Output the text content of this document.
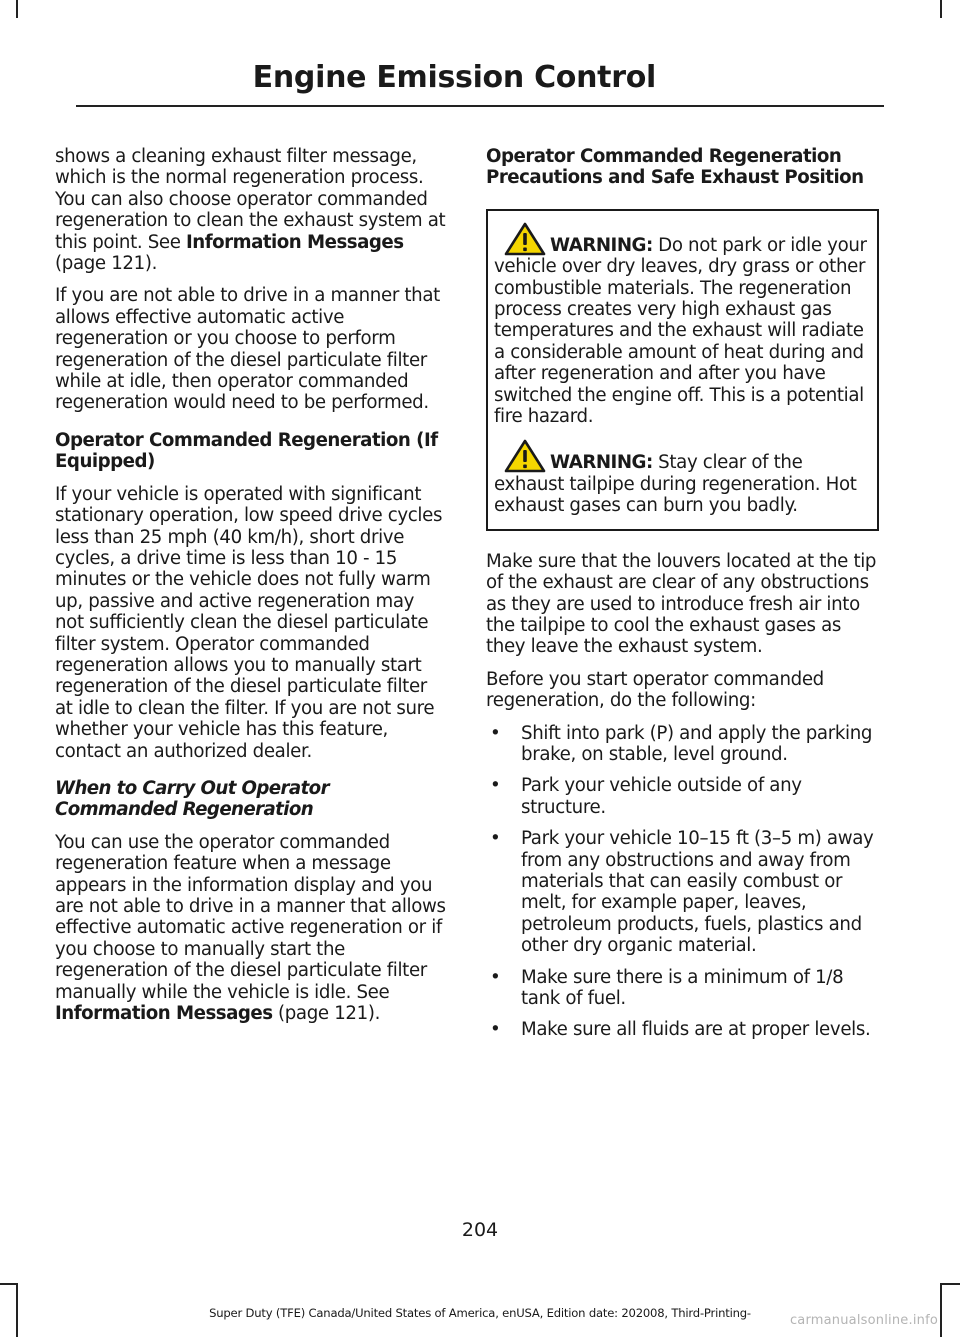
Engine Emission Control

shows a cleaning exhaust filter message, which is the normal regeneration process. You can also choose operator commanded regeneration to clean the exhaust system at this point. See Information Messages (page 121).

If you are not able to drive in a manner that allows effective automatic active regeneration or you choose to perform regeneration of the diesel particulate filter while at idle, then operator commanded regeneration would need to be performed.

Operator Commanded Regeneration (If Equipped)

If your vehicle is operated with significant stationary operation, low speed drive cycles less than 25 mph (40 km/h), short drive cycles, a drive time is less than 10 - 15 minutes or the vehicle does not fully warm up, passive and active regeneration may not sufficiently clean the diesel particulate filter system. Operator commanded regeneration allows you to manually start regeneration of the diesel particulate filter at idle to clean the filter. If you are not sure whether your vehicle has this feature, contact an authorized dealer.

When to Carry Out Operator Commanded Regeneration

You can use the operator commanded regeneration feature when a message appears in the information display and you are not able to drive in a manner that allows effective automatic active regeneration or if you choose to manually start the regeneration of the diesel particulate filter manually while the vehicle is idle. See Information Messages (page 121).

Operator Commanded Regeneration Precautions and Safe Exhaust Position

WARNING: Do not park or idle your vehicle over dry leaves, dry grass or other combustible materials. The regeneration process creates very high exhaust gas temperatures and the exhaust will radiate a considerable amount of heat during and after regeneration and after you have switched the engine off. This is a potential fire hazard.

WARNING: Stay clear of the exhaust tailpipe during regeneration. Hot exhaust gases can burn you badly.

Make sure that the louvers located at the tip of the exhaust are clear of any obstructions as they are used to introduce fresh air into the tailpipe to cool the exhaust gases as they leave the exhaust system.

Before you start operator commanded regeneration, do the following:

• Shift into park (P) and apply the parking brake, on stable, level ground.
• Park your vehicle outside of any structure.
• Park your vehicle 10–15 ft (3–5 m) away from any obstructions and away from materials that can easily combust or melt, for example paper, leaves, petroleum products, fuels, plastics and other dry organic material.
• Make sure there is a minimum of 1/8 tank of fuel.
• Make sure all fluids are at proper levels.
204
Super Duty (TFE) Canada/United States of America, enUSA, Edition date: 202008, Third-Printing-	carmanualsonline.info
